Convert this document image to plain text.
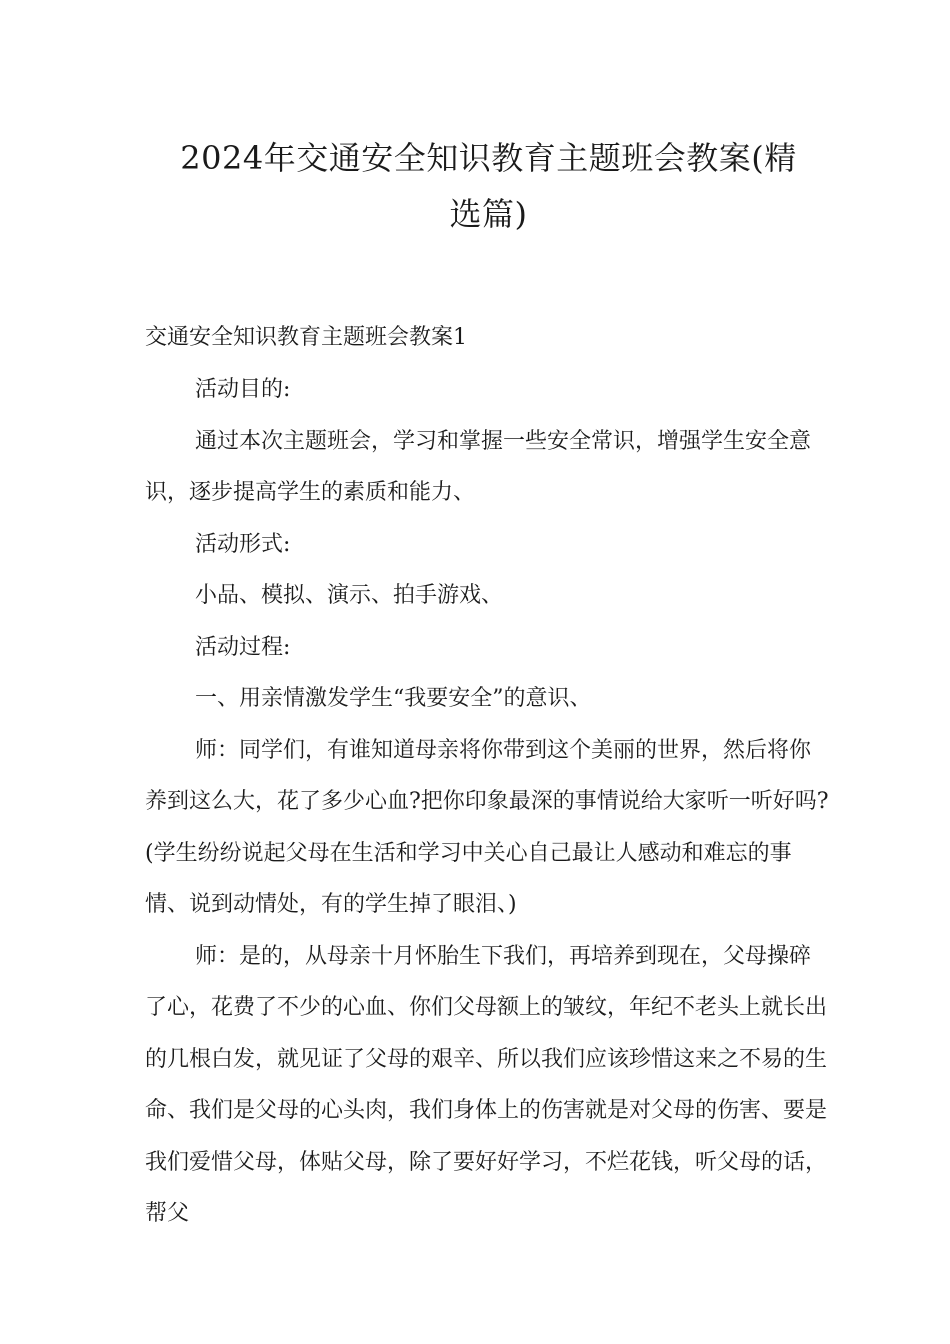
2024年交通安全知识教育主题班会教案(精
选篇)
交通安全知识教育主题班会教案1

活动目的:

通过本次主题班会，学习和掌握一些安全常识，增强学生安全意识，逐步提高学生的素质和能力、

活动形式:

小品、模拟、演示、拍手游戏、

活动过程:

一、用亲情激发学生“我要安全”的意识、

师：同学们，有谁知道母亲将你带到这个美丽的世界，然后将你养到这么大，花了多少心血?把你印象最深的事情说给大家听一听好吗?(学生纷纷说起父母在生活和学习中关心自己最让人感动和难忘的事情、说到动情处，有的学生掉了眼泪、)

师：是的，从母亲十月怀胎生下我们，再培养到现在，父母操碎了心，花费了不少的心血、你们父母额上的皱纹，年纪不老头上就长出的几根白发，就见证了父母的艰辛、所以我们应该珍惜这来之不易的生命、我们是父母的心头肉，我们身体上的伤害就是对父母的伤害、要是我们爱惜父母，体贴父母，除了要好好学习，不烂花钱，听父母的话，帮父
